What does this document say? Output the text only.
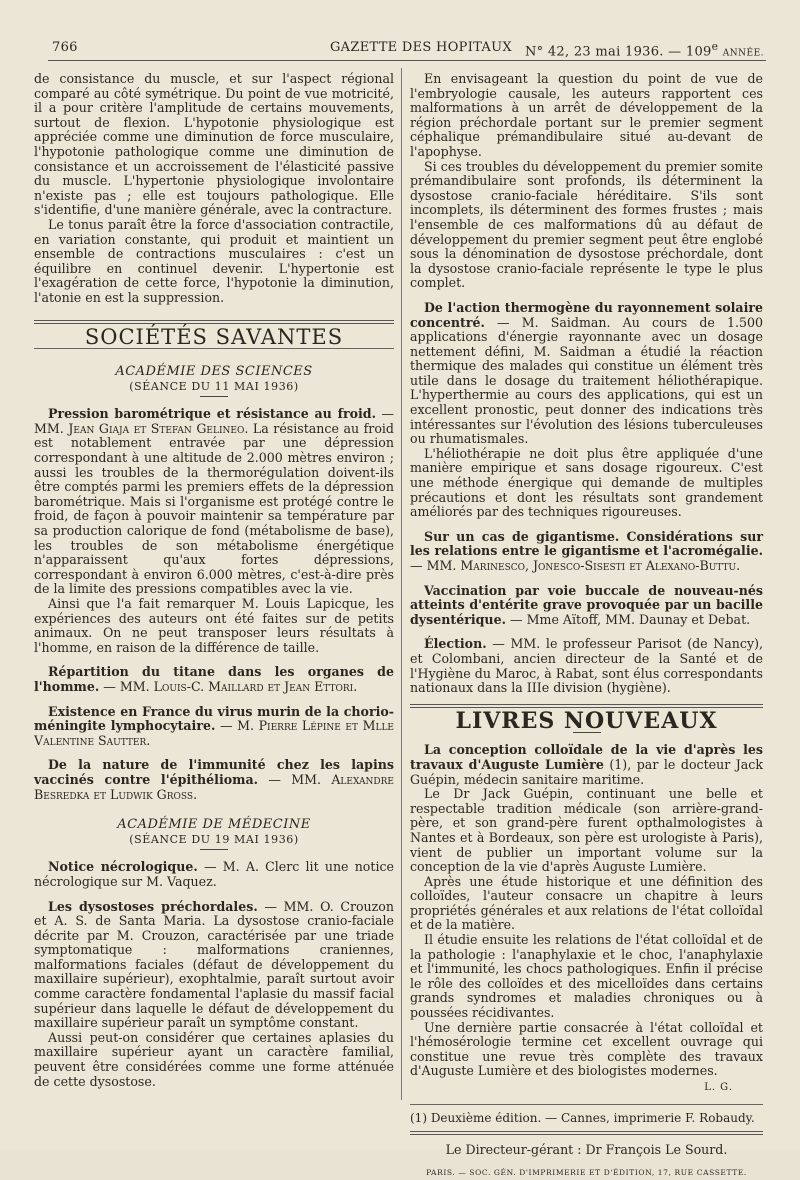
766	GAZETTE DES HOPITAUX N° 42, 23 mai 1936. — 109e ANNÉE.

de consistance du muscle, et sur l'aspect régional comparé au côté symétrique. Du point de vue motricité, il a pour critère l'amplitude de certains mouvements, surtout de flexion. L'hypotonie physiologique est appréciée comme une diminution de force musculaire, l'hypotonie pathologique comme une diminution de consistance et un accroissement de l'élasticité passive du muscle. L'hypertonie physiologique involontaire n'existe pas ; elle est toujours pathologique. Elle s'identifie, d'une manière générale, avec la contracture.

Le tonus paraît être la force d'association contractile, en variation constante, qui produit et maintient un ensemble de contractions musculaires : c'est un équilibre en continuel devenir. L'hypertonie est l'exagération de cette force, l'hypotonie la diminution, l'atonie en est la suppression.

SOCIÉTÉS SAVANTES
ACADÉMIE DES SCIENCES
(SÉANCE DU 11 MAI 1936)

Pression barométrique et résistance au froid. — MM. Jean Giaja et Stefan Gelineo. La résistance au froid est notablement entravée par une dépression correspondant à une altitude de 2.000 mètres environ ; aussi les troubles de la thermorégulation doivent-ils être comptés parmi les premiers effets de la dépression barométrique. Mais si l'organisme est protégé contre le froid, de façon à pouvoir maintenir sa température par sa production calorique de fond (métabolisme de base), les troubles de son métabolisme énergétique n'apparaissent qu'aux fortes dépressions, correspondant à environ 6.000 mètres, c'est-à-dire près de la limite des pressions compatibles avec la vie.

Ainsi que l'a fait remarquer M. Louis Lapicque, les expériences des auteurs ont été faites sur de petits animaux. On ne peut transposer leurs résultats à l'homme, en raison de la différence de taille.

Répartition du titane dans les organes de l'homme. — MM. Louis-C. Maillard et Jean Ettori.

Existence en France du virus murin de la chorio-méningite lymphocytaire. — M. Pierre Lépine et Mlle Valentine Sautter.

De la nature de l'immunité chez les lapins vaccinés contre l'épithélioma. — MM. Alexandre Besredka et Ludwik Gross.

ACADÉMIE DE MÉDECINE
(SÉANCE DU 19 MAI 1936)

Notice nécrologique. — M. A. Clerc lit une notice nécrologique sur M. Vaquez.

Les dysostoses préchordales. — MM. O. Crouzon et A. S. de Santa Maria. La dysostose cranio-faciale décrite par M. Crouzon, caractérisée par une triade symptomatique : malformations craniennes, malformations faciales (défaut de développement du maxillaire supérieur), exophtalmie, paraît surtout avoir comme caractère fondamental l'aplasie du massif facial supérieur dans laquelle le défaut de développement du maxillaire supérieur paraît un symptôme constant.

Aussi peut-on considérer que certaines aplasies du maxillaire supérieur ayant un caractère familial, peuvent être considérées comme une forme atténuée de cette dysostose.

En envisageant la question du point de vue de l'embryologie causale, les auteurs rapportent ces malformations à un arrêt de développement de la région préchordale portant sur le premier segment céphalique prémandibulaire situé au-devant de l'apophyse.

Si ces troubles du développement du premier somite prémandibulaire sont profonds, ils déterminent la dysostose cranio-faciale héréditaire. S'ils sont incomplets, ils déterminent des formes frustes ; mais l'ensemble de ces malformations dû au défaut de développement du premier segment peut être englobé sous la dénomination de dysostose préchordale, dont la dysostose cranio-faciale représente le type le plus complet.

De l'action thermogène du rayonnement solaire concentré. — M. Saidman. Au cours de 1.500 applications d'énergie rayonnante avec un dosage nettement défini, M. Saidman a étudié la réaction thermique des malades qui constitue un élément très utile dans le dosage du traitement héliothérapique. L'hyperthermie au cours des applications, qui est un excellent pronostic, peut donner des indications très intéressantes sur l'évolution des lésions tuberculeuses ou rhumatismales.

L'héliothérapie ne doit plus être appliquée d'une manière empirique et sans dosage rigoureux. C'est une méthode énergique qui demande de multiples précautions et dont les résultats sont grandement améliorés par des techniques rigoureuses.

Sur un cas de gigantisme. Considérations sur les relations entre le gigantisme et l'acromégalie. — MM. Marinesco, Jonesco-Sisesti et Alexano-Buttu.

Vaccination par voie buccale de nouveau-nés atteints d'entérite grave provoquée par un bacille dysentérique. — Mme Aïtoff, MM. Daunay et Debat.

Élection. — MM. le professeur Parisot (de Nancy), et Colombani, ancien directeur de la Santé et de l'Hygiène du Maroc, à Rabat, sont élus correspondants nationaux dans la IIIe division (hygiène).

LIVRES NOUVEAUX

La conception colloïdale de la vie d'après les travaux d'Auguste Lumière (1), par le docteur Jack Guépin, médecin sanitaire maritime.

Le Dr Jack Guépin, continuant une belle et respectable tradition médicale (son arrière-grand-père, et son grand-père furent opthalmologistes à Nantes et à Bordeaux, son père est urologiste à Paris), vient de publier un important volume sur la conception de la vie d'après Auguste Lumière.

Après une étude historique et une définition des colloïdes, l'auteur consacre un chapitre à leurs propriétés générales et aux relations de l'état colloïdal et de la matière.

Il étudie ensuite les relations de l'état colloïdal et de la pathologie : l'anaphylaxie et le choc, l'anaphylaxie et l'immunité, les chocs pathologiques. Enfin il précise le rôle des colloïdes et des micelloïdes dans certains grands syndromes et maladies chroniques ou à poussées récidivantes.

Une dernière partie consacrée à l'état colloïdal et l'hémosérologie termine cet excellent ouvrage qui constitue une revue très complète des travaux d'Auguste Lumière et des biologistes modernes.

L. G.
(1) Deuxième édition. — Cannes, imprimerie F. Robaudy.
Le Directeur-gérant : Dr François Le Sourd.
PARIS. — SOC. GÉN. D'IMPRIMERIE ET D'ÉDITION, 17, RUE CASSETTE.
